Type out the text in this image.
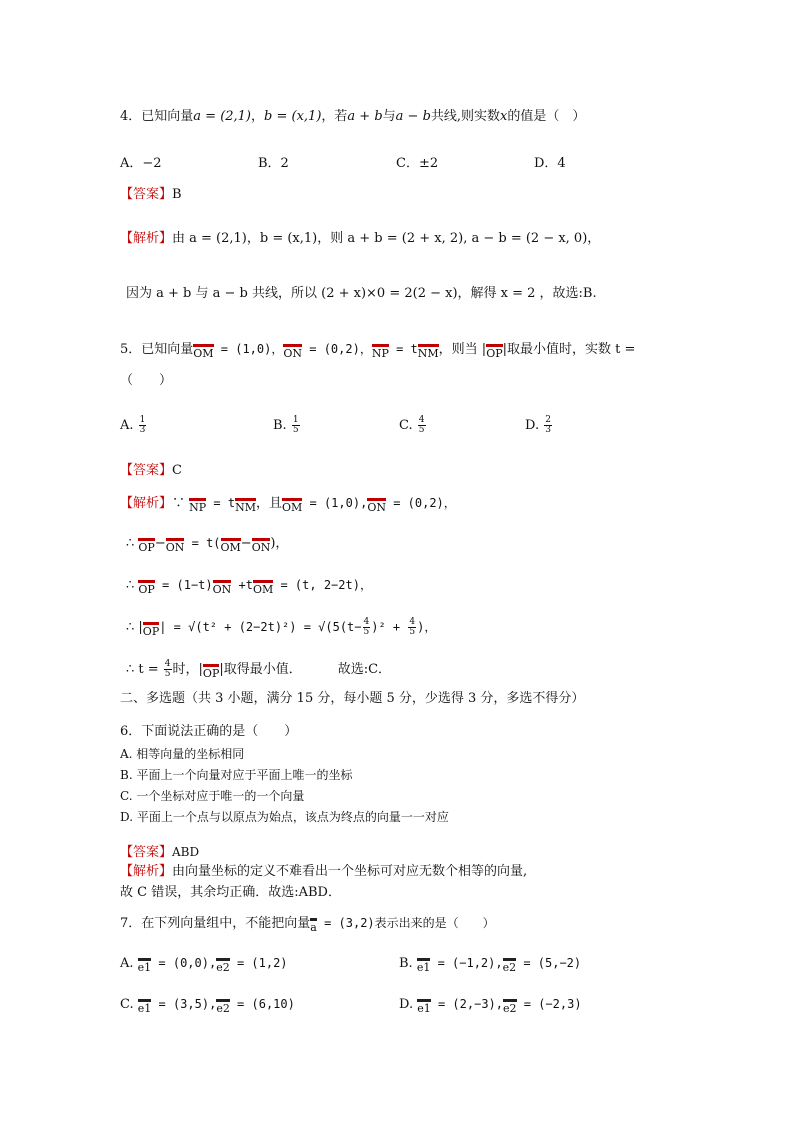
4．已知向量a = (2,1)，b = (x,1)，若a + b与a − b共线,则实数x的值是（　）
A．−2	B．2	C．±2	D．4
【答案】B
【解析】由 a = (2,1)，b = (x,1)，则 a + b = (2 + x, 2), a − b = (2 − x, 0)，
因为 a + b 与 a − b 共线，所以 (2 + x)×0 = 2(2 − x)，解得 x = 2 ，故选:B.
5．已知向量OM = (1,0)，ON = (0,2)，NP = tNM，则当 |OP|取最小值时，实数 t =
（　　）
A. $\frac{1}{3}$	B. $\frac{1}{5}$	C. $\frac{4}{5}$	D. $\frac{2}{3}$
【答案】C
【解析】∵ NP = tNM，且OM = (1,0),ON = (0,2)，
∴ OP−ON = t(OM−ON)，
∴ OP = (1−t)ON +tOM = (t, 2−2t)，
∴ $|OP| = √(t^2 + (2-2t)^2) = √(5(t- \frac{4}{5} )^2 + \frac{4}{5}$ )，
∴ $t = \frac{4}{5}$ 时，|OP|取得最小值．	故选:C．
二、多选题（共 3 小题，满分 15 分，每小题 5 分，少选得 3 分，多选不得分）
6．下面说法正确的是（　　）
A. 相等向量的坐标相同
B. 平面上一个向量对应于平面上唯一的坐标
C. 一个坐标对应于唯一的一个向量
D. 平面上一个点与以原点为始点，该点为终点的向量一一对应
【答案】ABD
【解析】由向量坐标的定义不难看出一个坐标可对应无数个相等的向量,
故 C 错误，其余均正确．故选:ABD．
7．在下列向量组中，不能把向量a = (3,2)表示出来的是（　　）
A. e1 = (0,0),e2 = (1,2)	B. e1 = (−1,2),e2 = (5,−2)
C. e1 = (3,5),e2 = (6,10)	D. e1 = (2,−3),e2 = (−2,3)
